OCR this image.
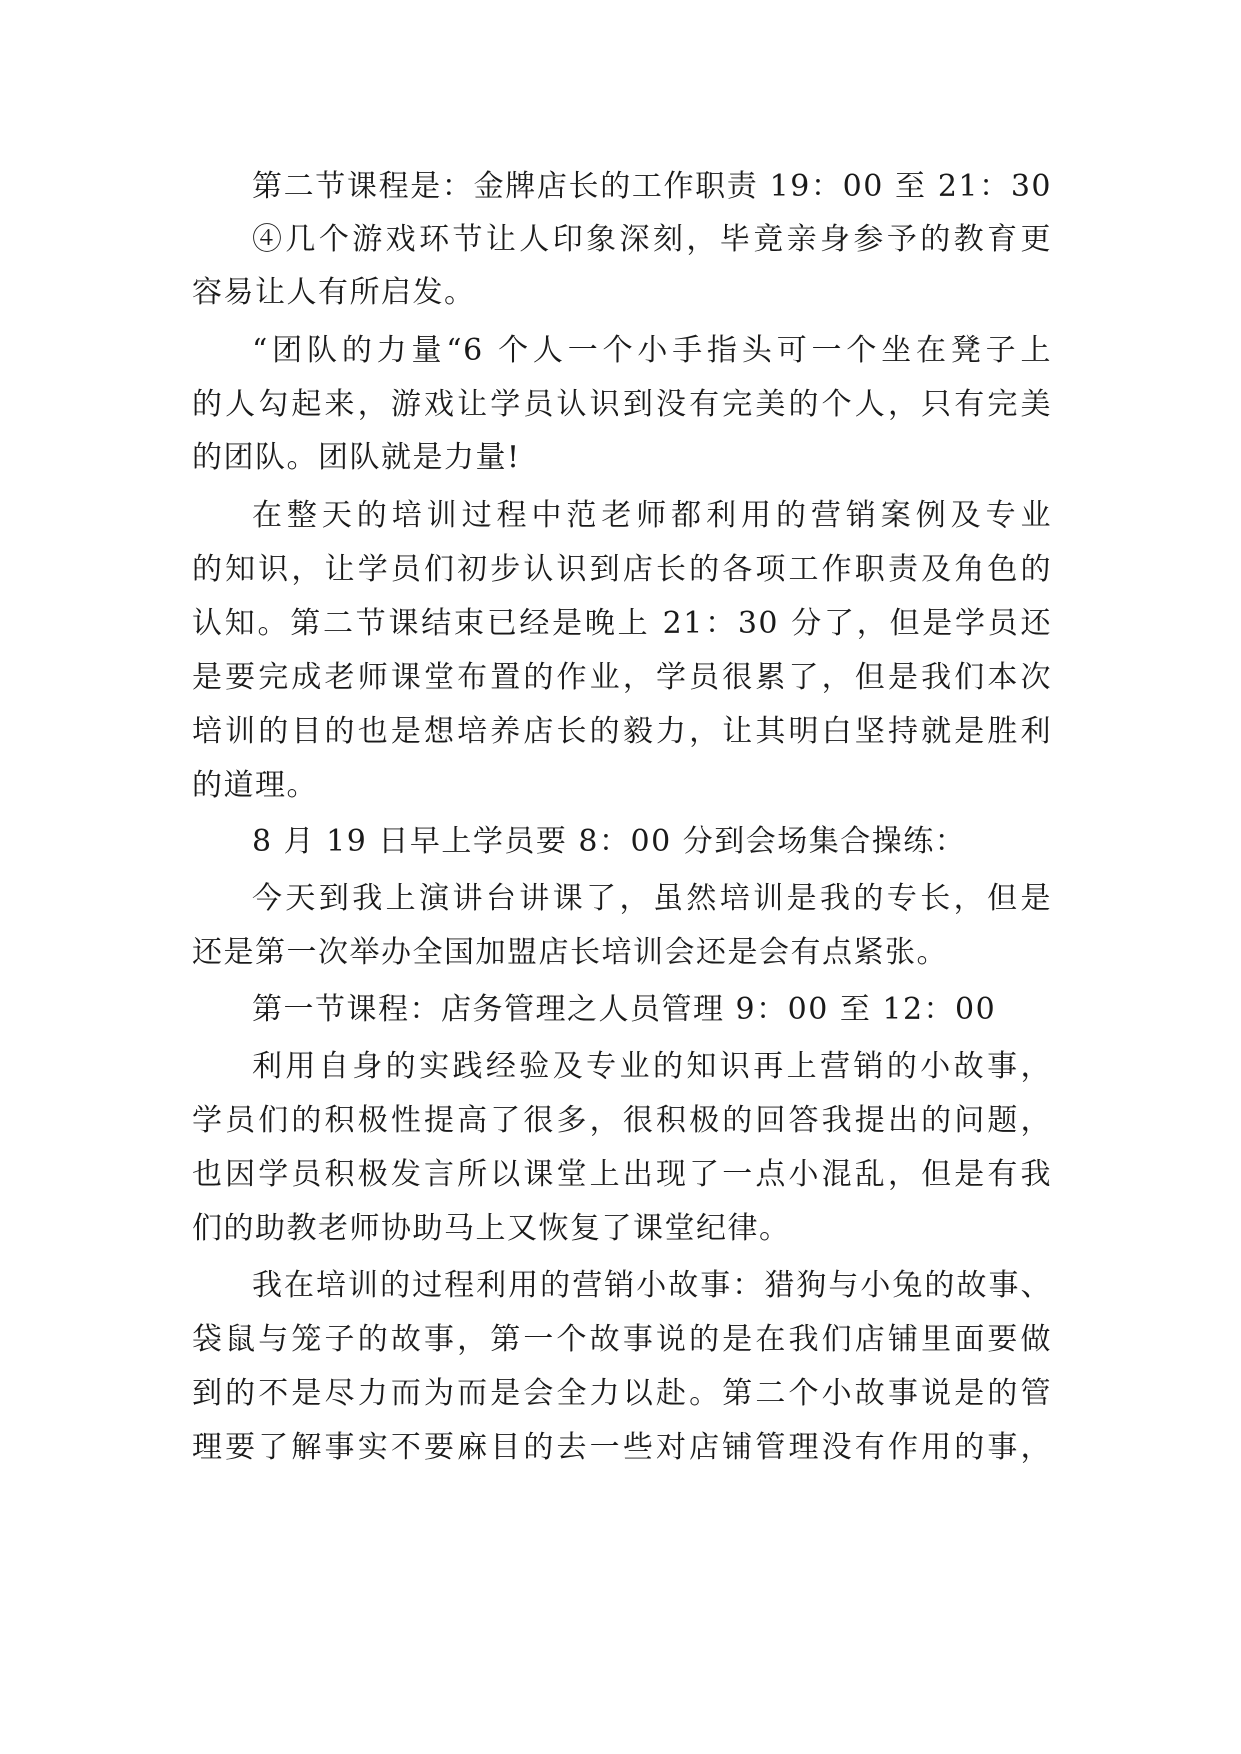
第二节课程是：金牌店长的工作职责 19：00 至 21：30
④几个游戏环节让人印象深刻，毕竟亲身参予的教育更
容易让人有所启发。
“团队的力量“6 个人一个小手指头可一个坐在凳子上
的人勾起来，游戏让学员认识到没有完美的个人，只有完美
的团队。团队就是力量!
在整天的培训过程中范老师都利用的营销案例及专业
的知识，让学员们初步认识到店长的各项工作职责及角色的
认知。第二节课结束已经是晚上 21：30 分了，但是学员还
是要完成老师课堂布置的作业，学员很累了，但是我们本次
培训的目的也是想培养店长的毅力，让其明白坚持就是胜利
的道理。
8 月 19 日早上学员要 8：00 分到会场集合操练：
今天到我上演讲台讲课了，虽然培训是我的专长，但是
还是第一次举办全国加盟店长培训会还是会有点紧张。
第一节课程：店务管理之人员管理 9：00 至 12：00
利用自身的实践经验及专业的知识再上营销的小故事，
学员们的积极性提高了很多，很积极的回答我提出的问题，
也因学员积极发言所以课堂上出现了一点小混乱，但是有我
们的助教老师协助马上又恢复了课堂纪律。
我在培训的过程利用的营销小故事：猎狗与小兔的故事、
袋鼠与笼子的故事，第一个故事说的是在我们店铺里面要做
到的不是尽力而为而是会全力以赴。第二个小故事说是的管
理要了解事实不要麻目的去一些对店铺管理没有作用的事，
